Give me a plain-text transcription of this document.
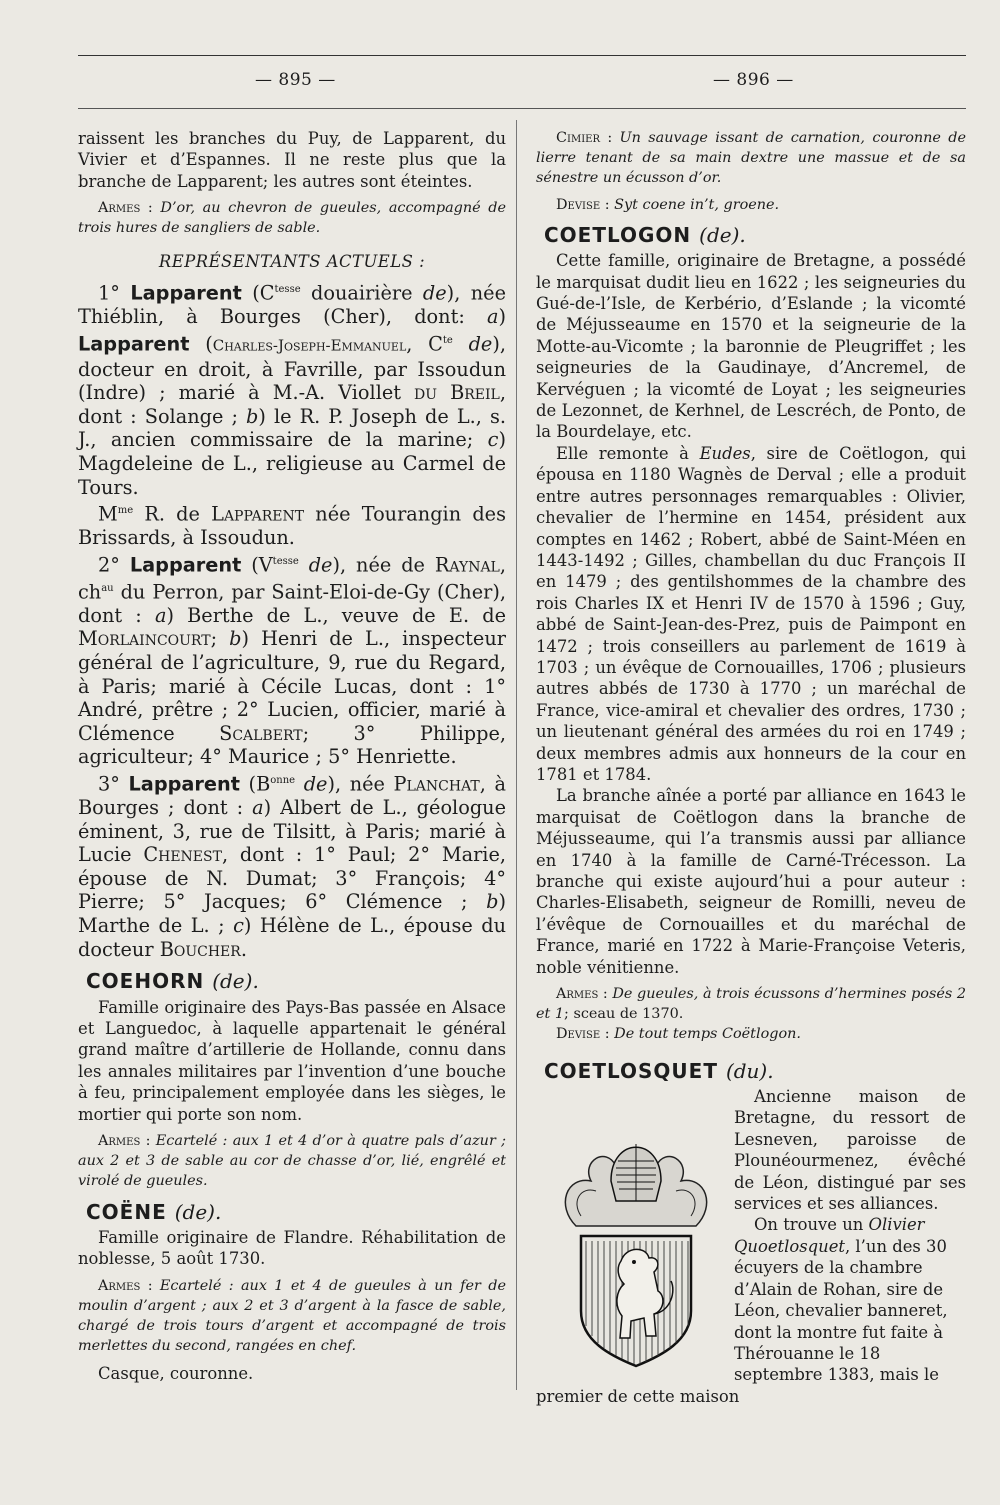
— 895 —	— 896 —

raissent les branches du Puy, de Lapparent, du Vivier et d’Espannes. Il ne reste plus que la branche de Lapparent; les autres sont éteintes.

Armes : D’or, au chevron de gueules, accompagné de trois hures de sangliers de sable.

REPRÉSENTANTS ACTUELS :

1° Lapparent ($C^{tesse}$ douairière de), née Thiéblin, à Bourges (Cher), dont: a) Lapparent (Charles-Joseph-Emmanuel, $C^{te}$ de), docteur en droit, à Favrille, par Issoudun (Indre) ; marié à M.-A. Viollet du Breil, dont : Solange ; b) le R. P. Joseph de L., s. J., ancien commissaire de la marine; c) Magdeleine de L., religieuse au Carmel de Tours.

$M^{me}$ R. de Lapparent née Tourangin des Brissards, à Issoudun.

2° Lapparent ($V^{tesse}$ de), née de Raynal, $ch^{au}$ du Perron, par Saint-Eloi-de-Gy (Cher), dont : a) Berthe de L., veuve de E. de Morlaincourt; b) Henri de L., inspecteur général de l’agriculture, 9, rue du Regard, à Paris; marié à Cécile Lucas, dont : 1° André, prêtre ; 2° Lucien, officier, marié à Clémence Scalbert; 3° Philippe, agriculteur; 4° Maurice ; 5° Henriette.

3° Lapparent ($B^{onne}$ de), née Planchat, à Bourges ; dont : a) Albert de L., géologue éminent, 3, rue de Tilsitt, à Paris; marié à Lucie Chenest, dont : 1° Paul; 2° Marie, épouse de N. Dumat; 3° François; 4° Pierre; 5° Jacques; 6° Clémence ; b) Marthe de L. ; c) Hélène de L., épouse du docteur Boucher.

COEHORN (de).

Famille originaire des Pays-Bas passée en Alsace et Languedoc, à laquelle appartenait le général grand maître d’artillerie de Hollande, connu dans les annales militaires par l’invention d’une bouche à feu, principalement employée dans les sièges, le mortier qui porte son nom.

Armes : Ecartelé : aux 1 et 4 d’or à quatre pals d’azur ; aux 2 et 3 de sable au cor de chasse d’or, lié, engrêlé et virolé de gueules.

COËNE (de).

Famille originaire de Flandre. Réhabilitation de noblesse, 5 août 1730.

Armes : Ecartelé : aux 1 et 4 de gueules à un fer de moulin d’argent ; aux 2 et 3 d’argent à la fasce de sable, chargé de trois tours d’argent et accompagné de trois merlettes du second, rangées en chef.

Casque, couronne.

Cimier : Un sauvage issant de carnation, couronne de lierre tenant de sa main dextre une massue et de sa sénestre un écusson d’or.

Devise : Syt coene in’t, groene.

COETLOGON (de).

Cette famille, originaire de Bretagne, a possédé le marquisat dudit lieu en 1622 ; les seigneuries du Gué-de-l’Isle, de Kerbério, d’Eslande ; la vicomté de Méjusseaume en 1570 et la seigneurie de la Motte-au-Vicomte ; la baronnie de Pleugriffet ; les seigneuries de la Gaudinaye, d’Ancremel, de Kervéguen ; la vicomté de Loyat ; les seigneuries de Lezonnet, de Kerhnel, de Lescréch, de Ponto, de la Bourdelaye, etc.

Elle remonte à Eudes, sire de Coëtlogon, qui épousa en 1180 Wagnès de Derval ; elle a produit entre autres personnages remarquables : Olivier, chevalier de l’hermine en 1454, président aux comptes en 1462 ; Robert, abbé de Saint-Méen en 1443-1492 ; Gilles, chambellan du duc François II en 1479 ; des gentilshommes de la chambre des rois Charles IX et Henri IV de 1570 à 1596 ; Guy, abbé de Saint-Jean-des-Prez, puis de Paimpont en 1472 ; trois conseillers au parlement de 1619 à 1703 ; un évêque de Cornouailles, 1706 ; plusieurs autres abbés de 1730 à 1770 ; un maréchal de France, vice-amiral et chevalier des ordres, 1730 ; un lieutenant général des armées du roi en 1749 ; deux membres admis aux honneurs de la cour en 1781 et 1784.

La branche aînée a porté par alliance en 1643 le marquisat de Coëtlogon dans la branche de Méjusseaume, qui l’a transmis aussi par alliance en 1740 à la famille de Carné-Trécesson. La branche qui existe aujourd’hui a pour auteur : Charles-Elisabeth, seigneur de Romilli, neveu de l’évêque de Cornouailles et du maréchal de France, marié en 1722 à Marie-Françoise Veteris, noble vénitienne.

Armes : De gueules, à trois écussons d’hermines posés 2 et 1; sceau de 1370.

Devise : De tout temps Coëtlogon.

COETLOSQUET (du).

Ancienne maison de Bretagne, du ressort de Lesneven, paroisse de Plounéourmenez, évêché de Léon, distingué par ses services et ses alliances.

On trouve un Olivier Quoetlosquet, l’un des 30 écuyers de la chambre d’Alain de Rohan, sire de Léon, chevalier banneret, dont la montre fut faite à Thérouanne le 18 septembre 1383, mais le premier de cette maison
